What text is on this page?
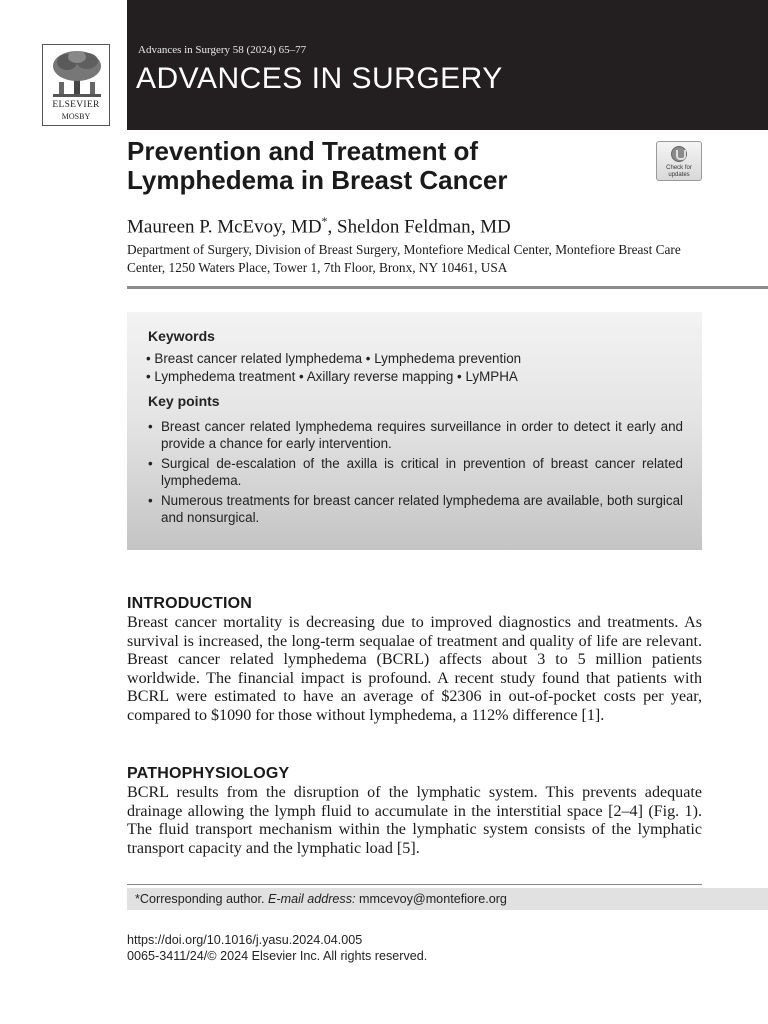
ELSEVIER
MOSBY
Advances in Surgery 58 (2024) 65–77
ADVANCES IN SURGERY
Prevention and Treatment of
Lymphedema in Breast Cancer	Check for
updates
Maureen P. McEvoy, MD*, Sheldon Feldman, MD
Department of Surgery, Division of Breast Surgery, Montefiore Medical Center, Montefiore Breast Care Center, 1250 Waters Place, Tower 1, 7th Floor, Bronx, NY 10461, USA
Keywords
• Breast cancer related lymphedema • Lymphedema prevention
• Lymphedema treatment • Axillary reverse mapping • LyMPHA
Key points
• Breast cancer related lymphedema requires surveillance in order to detect it early and provide a chance for early intervention.
• Surgical de-escalation of the axilla is critical in prevention of breast cancer related lymphedema.
• Numerous treatments for breast cancer related lymphedema are available, both surgical and nonsurgical.
INTRODUCTION
Breast cancer mortality is decreasing due to improved diagnostics and treatments. As survival is increased, the long-term sequalae of treatment and quality of life are relevant. Breast cancer related lymphedema (BCRL) affects about 3 to 5 million patients worldwide. The financial impact is profound. A recent study found that patients with BCRL were estimated to have an average of $2306 in out-of-pocket costs per year, compared to $1090 for those without lymphedema, a 112% difference [1].
PATHOPHYSIOLOGY
BCRL results from the disruption of the lymphatic system. This prevents adequate drainage allowing the lymph fluid to accumulate in the interstitial space [2–4] (Fig. 1). The fluid transport mechanism within the lymphatic system consists of the lymphatic transport capacity and the lymphatic load [5].
*Corresponding author. E-mail address: mmcevoy@montefiore.org
https://doi.org/10.1016/j.yasu.2024.04.005
0065-3411/24/© 2024 Elsevier Inc. All rights reserved.
